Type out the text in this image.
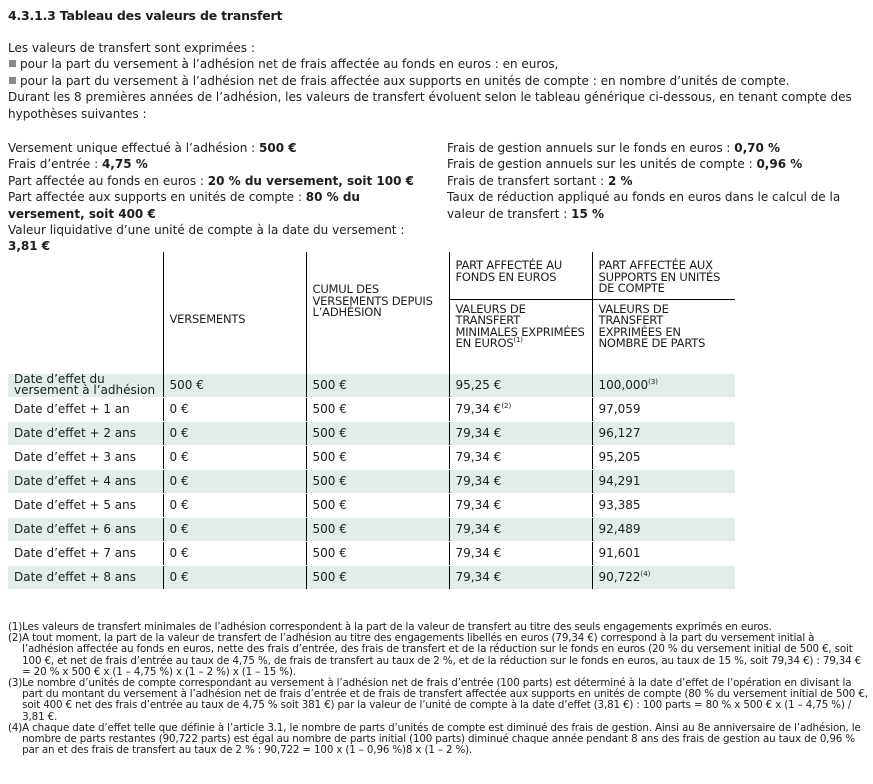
4.3.1.3 Tableau des valeurs de transfert

Les valeurs de transfert sont exprimées :

pour la part du versement à l’adhésion net de frais affectée au fonds en euros : en euros,

pour la part du versement à l’adhésion net de frais affectée aux supports en unités de compte : en nombre d’unités de compte.

Durant les 8 premières années de l’adhésion, les valeurs de transfert évoluent selon le tableau générique ci-dessous, en tenant compte des hypothèses suivantes :

Versement unique effectué à l’adhésion : 500 €

Frais d’entrée : 4,75 %

Part affectée au fonds en euros : 20 % du versement, soit 100 €

Part affectée aux supports en unités de compte : 80 % du versement, soit 400 €

Valeur liquidative d’une unité de compte à la date du versement : 3,81 €

Frais de gestion annuels sur le fonds en euros : 0,70 %

Frais de gestion annuels sur les unités de compte : 0,96 %

Frais de transfert sortant : 2 %

Taux de réduction appliqué au fonds en euros dans le calcul de la valeur de transfert : 15 %

	VERSEMENTS	CUMUL DES VERSEMENTS DEPUIS L’ADHÉSION	PART AFFECTÉE AU FONDS EN EUROS	PART AFFECTÉE AUX SUPPORTS EN UNITÉS DE COMPTE
			VALEURS DE TRANSFERT MINIMALES EXPRIMÉES EN EUROS$^{(1)}$	VALEURS DE TRANSFERT EXPRIMÉES EN NOMBRE DE PARTS
Date d’effet du versement à l’adhésion	500 €	500 €	95,25 €	100,000$^{(3)}$
Date d’effet + 1 an	0 €	500 €	79,34 €$^{(2)}$	97,059
Date d’effet + 2 ans	0 €	500 €	79,34 €	96,127
Date d’effet + 3 ans	0 €	500 €	79,34 €	95,205
Date d’effet + 4 ans	0 €	500 €	79,34 €	94,291
Date d’effet + 5 ans	0 €	500 €	79,34 €	93,385
Date d’effet + 6 ans	0 €	500 €	79,34 €	92,489
Date d’effet + 7 ans	0 €	500 €	79,34 €	91,601
Date d’effet + 8 ans	0 €	500 €	79,34 €	90,722$^{(4)}$
(1) Les valeurs de transfert minimales de l’adhésion correspondent à la part de la valeur de transfert au titre des seuls engagements exprimés en euros.
(2) A tout moment, la part de la valeur de transfert de l’adhésion au titre des engagements libellés en euros (79,34 €) correspond à la part du versement initial à l’adhésion affectée au fonds en euros, nette des frais d’entrée, des frais de transfert et de la réduction sur le fonds en euros (20 % du versement initial de 500 €, soit 100 €, et net de frais d’entrée au taux de 4,75 %, de frais de transfert au taux de 2 %, et de la réduction sur le fonds en euros, au taux de 15 %, soit 79,34 €) : 79,34 € = 20 % x 500 € x (1 – 4,75 %) x (1 – 2 %) x (1 – 15 %).
(3) Le nombre d’unités de compte correspondant au versement à l’adhésion net de frais d’entrée (100 parts) est déterminé à la date d’effet de l’opération en divisant la part du montant du versement à l’adhésion net de frais d’entrée et de frais de transfert affectée aux supports en unités de compte (80 % du versement initial de 500 €, soit 400 € net des frais d’entrée au taux de 4,75 % soit 381 €) par la valeur de l’unité de compte à la date d’effet (3,81 €) : 100 parts = 80 % x 500 € x (1 – 4,75 %) / 3,81 €.
(4) A chaque date d’effet telle que définie à l’article 3.1, le nombre de parts d’unités de compte est diminué des frais de gestion. Ainsi au 8e anniversaire de l’adhésion, le nombre de parts restantes (90,722 parts) est égal au nombre de parts initial (100 parts) diminué chaque année pendant 8 ans des frais de gestion au taux de 0,96 % par an et des frais de transfert au taux de 2 % : 90,722 = 100 x (1 – 0,96 %)8 x (1 – 2 %).
